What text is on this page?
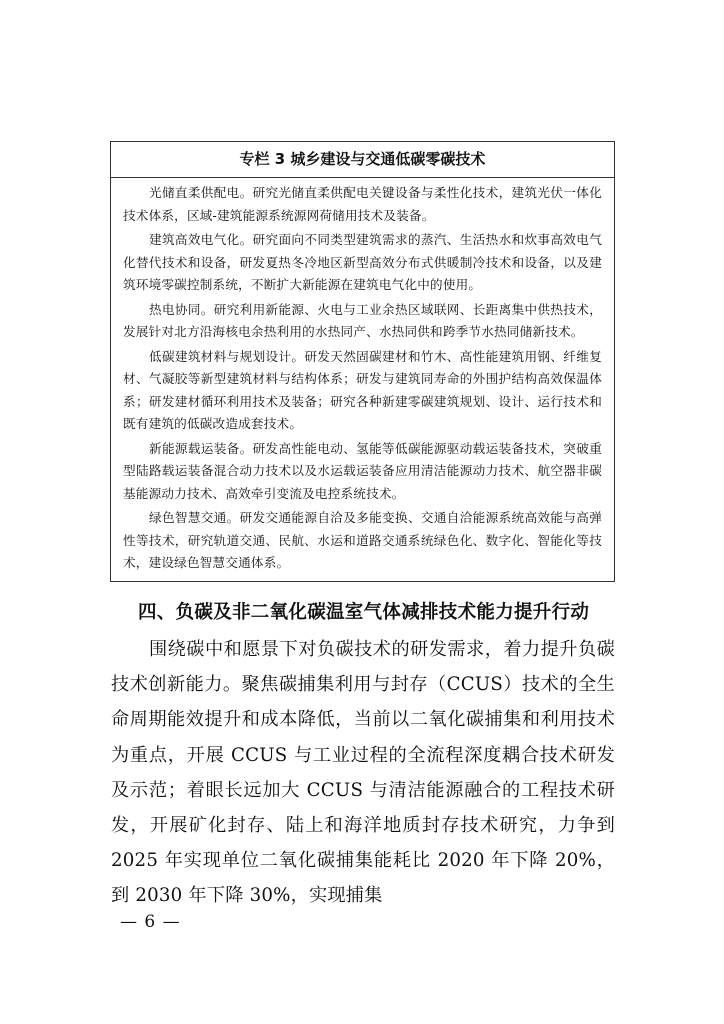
专栏 3 城乡建设与交通低碳零碳技术

光储直柔供配电。研究光储直柔供配电关键设备与柔性化技术，建筑光伏一体化技术体系，区域-建筑能源系统源网荷储用技术及装备。

建筑高效电气化。研究面向不同类型建筑需求的蒸汽、生活热水和炊事高效电气化替代技术和设备，研发夏热冬冷地区新型高效分布式供暖制冷技术和设备，以及建筑环境零碳控制系统，不断扩大新能源在建筑电气化中的使用。

热电协同。研究利用新能源、火电与工业余热区域联网、长距离集中供热技术，发展针对北方沿海核电余热利用的水热同产、水热同供和跨季节水热同储新技术。

低碳建筑材料与规划设计。研发天然固碳建材和竹木、高性能建筑用钢、纤维复材、气凝胶等新型建筑材料与结构体系；研发与建筑同寿命的外围护结构高效保温体系；研发建材循环利用技术及装备；研究各种新建零碳建筑规划、设计、运行技术和既有建筑的低碳改造成套技术。

新能源载运装备。研发高性能电动、氢能等低碳能源驱动载运装备技术，突破重型陆路载运装备混合动力技术以及水运载运装备应用清洁能源动力技术、航空器非碳基能源动力技术、高效牵引变流及电控系统技术。

绿色智慧交通。研发交通能源自洽及多能变换、交通自洽能源系统高效能与高弹性等技术，研究轨道交通、民航、水运和道路交通系统绿色化、数字化、智能化等技术，建设绿色智慧交通体系。

四、负碳及非二氧化碳温室气体减排技术能力提升行动

围绕碳中和愿景下对负碳技术的研发需求，着力提升负碳技术创新能力。聚焦碳捕集利用与封存（CCUS）技术的全生命周期能效提升和成本降低，当前以二氧化碳捕集和利用技术为重点，开展 CCUS 与工业过程的全流程深度耦合技术研发及示范；着眼长远加大 CCUS 与清洁能源融合的工程技术研发，开展矿化封存、陆上和海洋地质封存技术研究，力争到 2025 年实现单位二氧化碳捕集能耗比 2020 年下降 20%，到 2030 年下降 30%，实现捕集

— 6 —
